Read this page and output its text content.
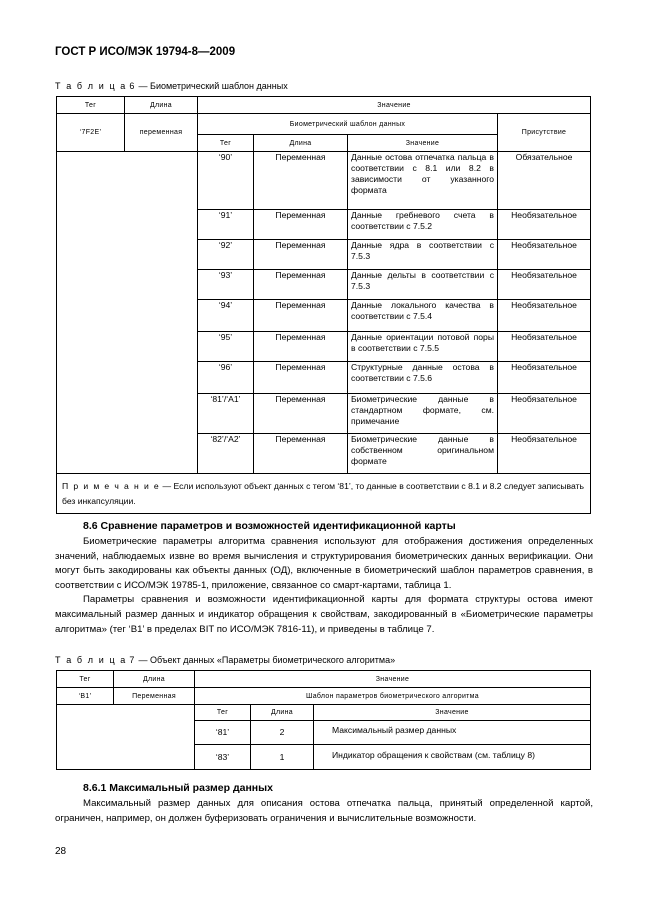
ГОСТ Р ИСО/МЭК 19794-8—2009
Т а б л и ц а 6 — Биометрический шаблон данных
Тег	Длина	Значение			
‘7F2E’	переменная	Биометрический шаблон данных			Присутствие
		Тег	Длина	Значение	
		‘90’	Переменная	Данные остова отпечатка пальца в соответствии с 8.1 или 8.2 в зависимости от указанного формата	Обязательное
		‘91’	Переменная	Данные гребневого счета в соответствии с 7.5.2	Необязательное
		‘92’	Переменная	Данные ядра в соответствии с 7.5.3	Необязательное
		‘93’	Переменная	Данные дельты в соответствии с 7.5.3	Необязательное
		‘94’	Переменная	Данные локального качества в соответствии с 7.5.4	Необязательное
		‘95’	Переменная	Данные ориентации потовой поры в соответствии с 7.5.5	Необязательное
		‘96’	Переменная	Структурные данные остова в соответствии с 7.5.6	Необязательное
		‘81’/‘A1’	Переменная	Биометрические данные в стандартном формате, см. примечание	Необязательное
		‘82’/‘A2’	Переменная	Биометрические данные в собственном оригинальном формате	Необязательное
П р и м е ч а н и е — Если используют объект данных с тегом ‘81’, то данные в соответствии с 8.1 и 8.2 следует записывать без инкапсуляции.					
8.6 Сравнение параметров и возможностей идентификационной карты

Биометрические параметры алгоритма сравнения используют для отображения достижения определенных значений, наблюдаемых извне во время вычисления и структурирования биометрических данных верификации. Они могут быть закодированы как объекты данных (ОД), включенные в биометрический шаблон параметров сравнения, в соответствии с ИСО/МЭК 19785-1, приложение, связанное со смарт-картами, таблица 1.

Параметры сравнения и возможности идентификационной карты для формата структуры остова имеют максимальный размер данных и индикатор обращения к свойствам, закодированный в «Биометрические параметры алгоритма» (тег ‘B1’ в пределах BIT по ИСО/МЭК 7816-11), и приведены в таблице 7.

Т а б л и ц а 7 — Объект данных «Параметры биометрического алгоритма»
Тег	Длина	Значение		
‘B1’	Переменная	Шаблон параметров биометрического алгоритма		
		Тег	Длина	Значение
		‘81’	2	Максимальный размер данных
		‘83’	1	Индикатор обращения к свойствам (см. таблицу 8)
8.6.1 Максимальный размер данных

Максимальный размер данных для описания остова отпечатка пальца, принятый определенной картой, ограничен, например, он должен буферизовать ограничения и вычислительные возможности.

28
